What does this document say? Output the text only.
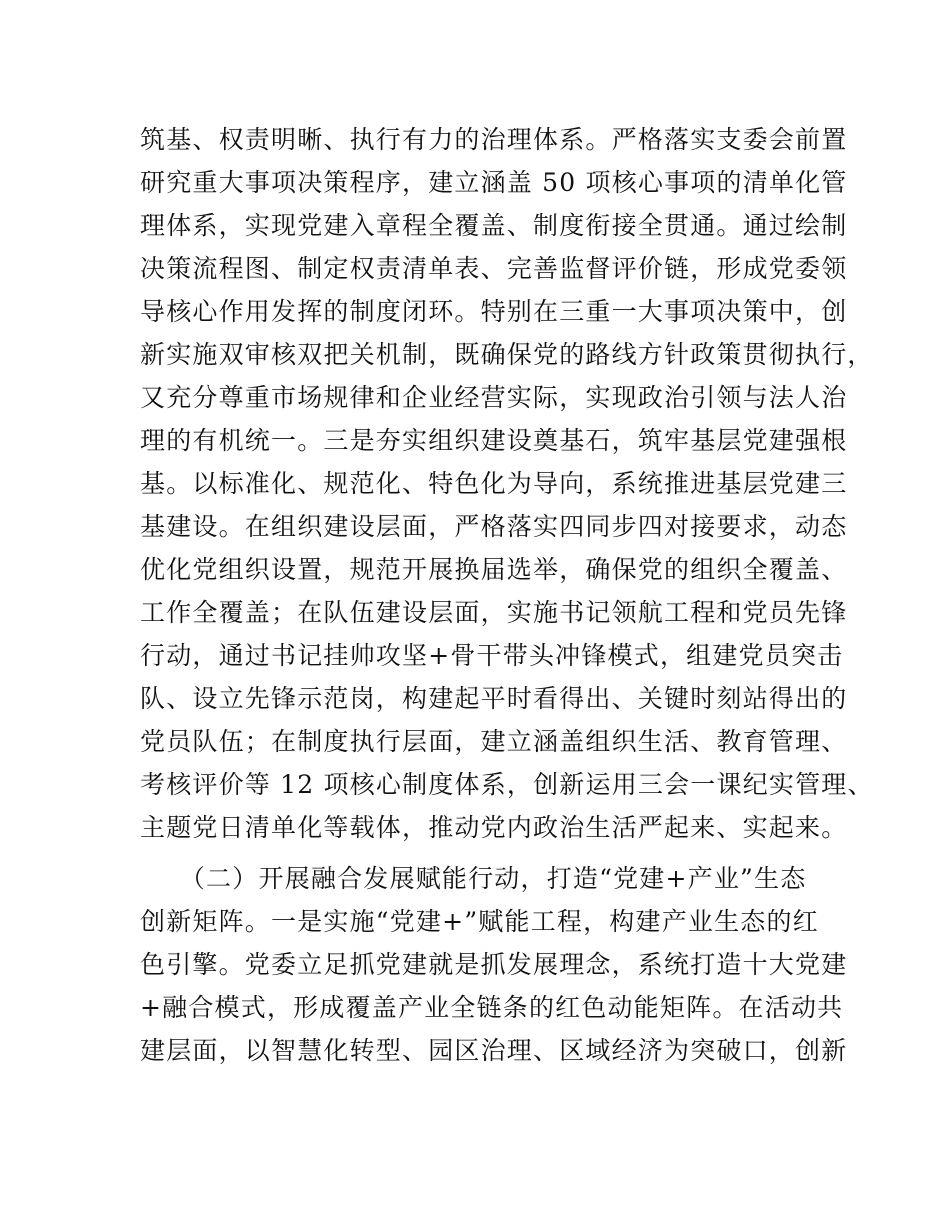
筑基、权责明晰、执行有力的治理体系。严格落实支委会前置
研究重大事项决策程序，建立涵盖 50 项核心事项的清单化管
理体系，实现党建入章程全覆盖、制度衔接全贯通。通过绘制
决策流程图、制定权责清单表、完善监督评价链，形成党委领
导核心作用发挥的制度闭环。特别在三重一大事项决策中，创
新实施双审核双把关机制，既确保党的路线方针政策贯彻执行，
又充分尊重市场规律和企业经营实际，实现政治引领与法人治
理的有机统一。三是夯实组织建设奠基石，筑牢基层党建强根
基。以标准化、规范化、特色化为导向，系统推进基层党建三
基建设。在组织建设层面，严格落实四同步四对接要求，动态
优化党组织设置，规范开展换届选举，确保党的组织全覆盖、
工作全覆盖；在队伍建设层面，实施书记领航工程和党员先锋
行动，通过书记挂帅攻坚+骨干带头冲锋模式，组建党员突击
队、设立先锋示范岗，构建起平时看得出、关键时刻站得出的
党员队伍；在制度执行层面，建立涵盖组织生活、教育管理、
考核评价等 12 项核心制度体系，创新运用三会一课纪实管理、
主题党日清单化等载体，推动党内政治生活严起来、实起来。
　　（二）开展融合发展赋能行动，打造“党建+产业”生态
创新矩阵。一是实施“党建+”赋能工程，构建产业生态的红
色引擎。党委立足抓党建就是抓发展理念，系统打造十大党建
+融合模式，形成覆盖产业全链条的红色动能矩阵。在活动共
建层面，以智慧化转型、园区治理、区域经济为突破口，创新
